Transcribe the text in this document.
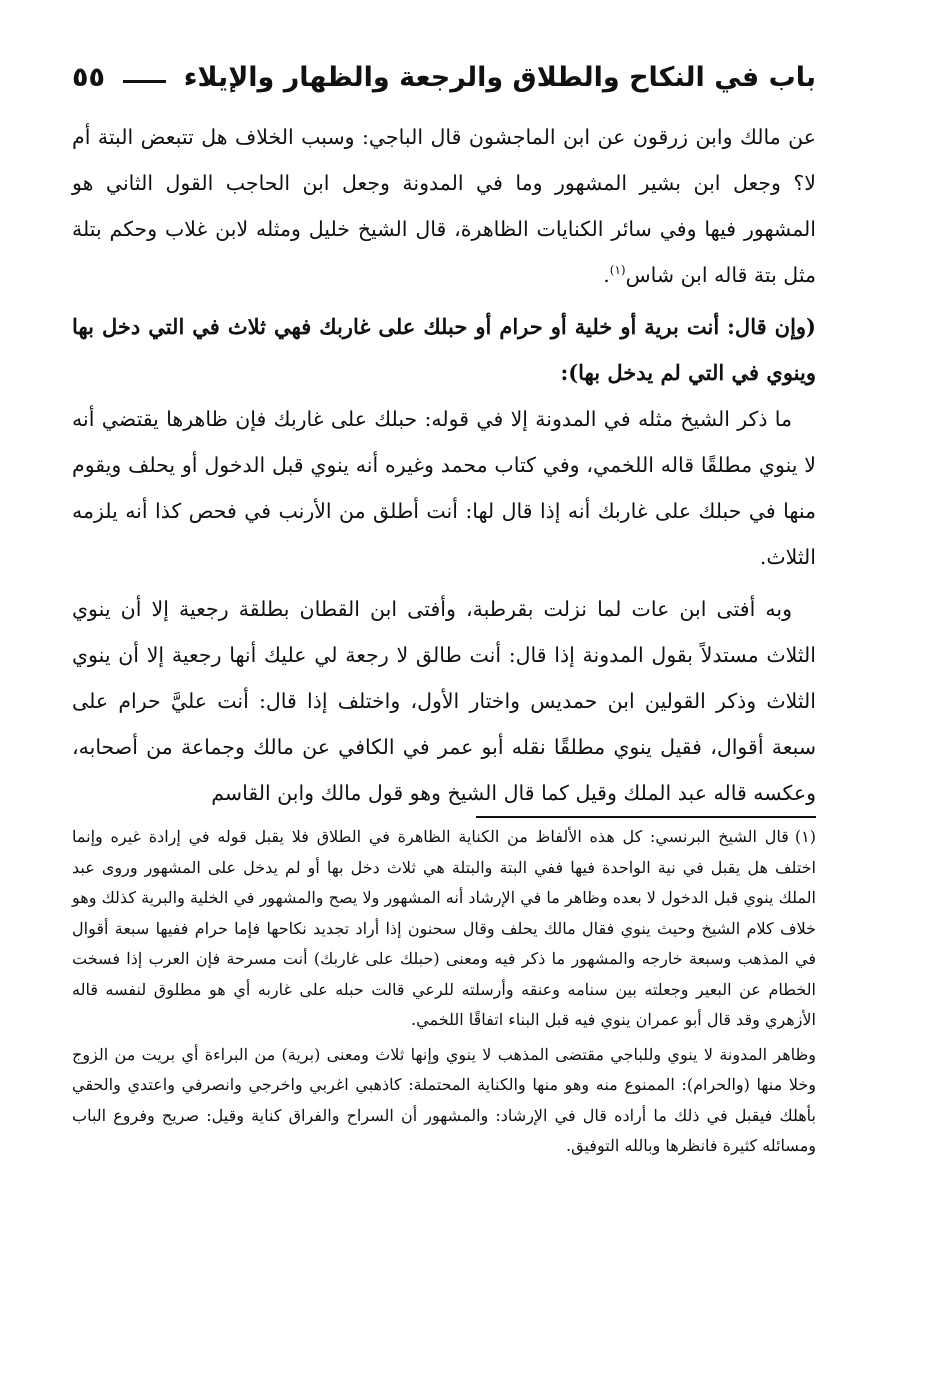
باب في النكاح والطلاق والرجعة والظهار والإيلاء
٥٥

عن مالك وابن زرقون عن ابن الماجشون قال الباجي: وسبب الخلاف هل تتبعض البتة أم لا؟ وجعل ابن بشير المشهور وما في المدونة وجعل ابن الحاجب القول الثاني هو المشهور فيها وفي سائر الكنايات الظاهرة، قال الشيخ خليل ومثله لابن غلاب وحكم بتلة مثل بتة قاله ابن شاس$^{(١)}$.

(وإن قال: أنت برية أو خلية أو حرام أو حبلك على غاربك فهي ثلاث في التي دخل بها وينوي في التي لم يدخل بها):

ما ذكر الشيخ مثله في المدونة إلا في قوله: حبلك على غاربك فإن ظاهرها يقتضي أنه لا ينوي مطلقًا قاله اللخمي، وفي كتاب محمد وغيره أنه ينوي قبل الدخول أو يحلف ويقوم منها في حبلك على غاربك أنه إذا قال لها: أنت أطلق من الأرنب في فحص كذا أنه يلزمه الثلاث.

وبه أفتى ابن عات لما نزلت بقرطبة، وأفتى ابن القطان بطلقة رجعية إلا أن ينوي الثلاث مستدلاً بقول المدونة إذا قال: أنت طالق لا رجعة لي عليك أنها رجعية إلا أن ينوي الثلاث وذكر القولين ابن حمديس واختار الأول، واختلف إذا قال: أنت عليَّ حرام على سبعة أقوال، فقيل ينوي مطلقًا نقله أبو عمر في الكافي عن مالك وجماعة من أصحابه، وعكسه قاله عبد الملك وقيل كما قال الشيخ وهو قول مالك وابن القاسم

(١)قال الشيخ البرنسي: كل هذه الألفاظ من الكناية الظاهرة في الطلاق فلا يقبل قوله في إرادة غيره وإنما اختلف هل يقبل في نية الواحدة فيها ففي البتة والبتلة هي ثلاث دخل بها أو لم يدخل على المشهور وروى عبد الملك ينوي قبل الدخول لا بعده وظاهر ما في الإرشاد أنه المشهور ولا يصح والمشهور في الخلية والبرية كذلك وهو خلاف كلام الشيخ وحيث ينوي فقال مالك يحلف وقال سحنون إذا أراد تجديد نكاحها فإما حرام ففيها سبعة أقوال في المذهب وسبعة خارجه والمشهور ما ذكر فيه ومعنى (حبلك على غاربك) أنت مسرحة فإن العرب إذا فسخت الخطام عن البعير وجعلته بين سنامه وعنقه وأرسلته للرعي قالت حبله على غاربه أي هو مطلوق لنفسه قاله الأزهري وقد قال أبو عمران ينوي فيه قبل البناء اتفاقًا اللخمي.

وظاهر المدونة لا ينوي وللباجي مقتضى المذهب لا ينوي وإنها ثلاث ومعنى (برية) من البراءة أي بريت من الزوج وخلا منها (والحرام): الممنوع منه وهو منها والكناية المحتملة: كاذهبي اغربي واخرجي وانصرفي واعتدي والحقي بأهلك فيقبل في ذلك ما أراده قال في الإرشاد: والمشهور أن السراح والفراق كناية وقيل: صريح وفروع الباب ومسائله كثيرة فانظرها وبالله التوفيق.
